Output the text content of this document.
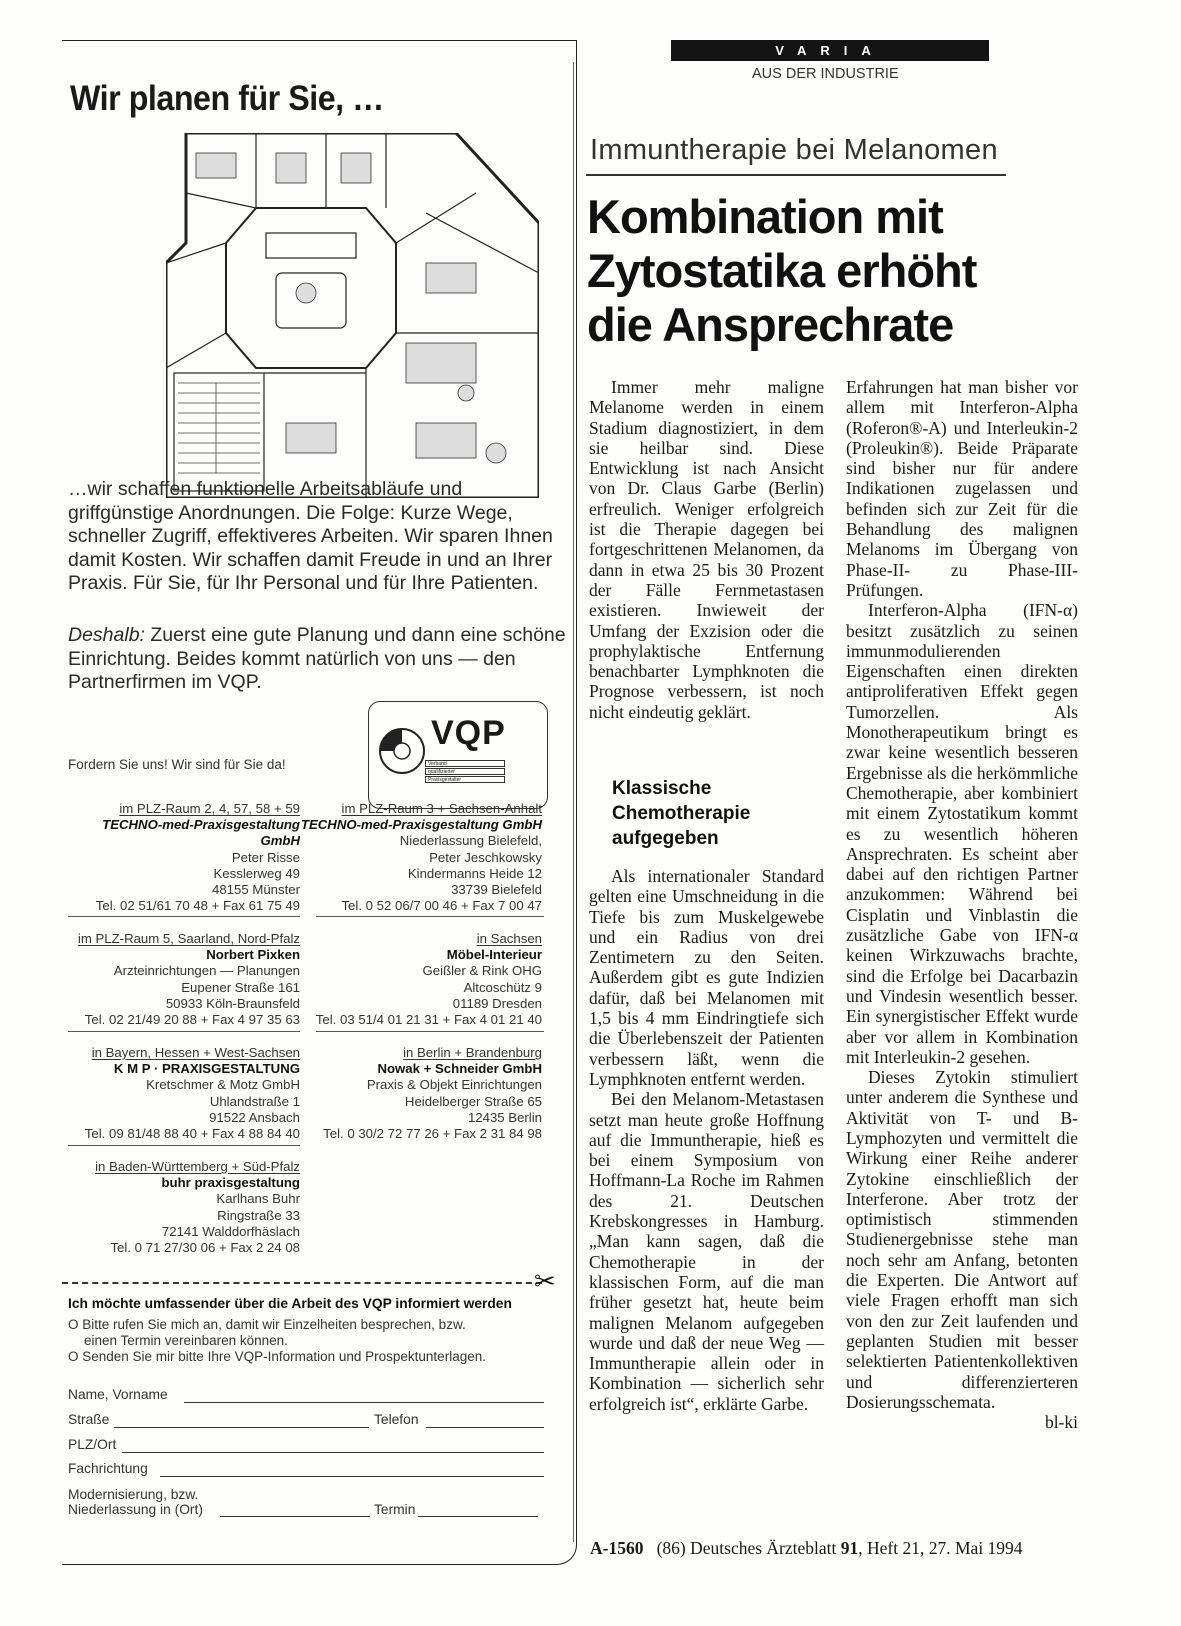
Wir planen für Sie, …

…wir schaffen funktionelle Arbeitsabläufe und griffgünstige Anordnungen. Die Folge: Kurze Wege, schneller Zugriff, effektiveres Arbeiten. Wir sparen Ihnen damit Kosten. Wir schaffen damit Freude in und an Ihrer Praxis. Für Sie, für Ihr Personal und für Ihre Patienten.

Deshalb: Zuerst eine gute Planung und dann eine schöne Einrichtung. Beides kommt natürlich von uns — den Partnerfirmen im VQP.

VQP
Verband
qualifizierter
Praxisgestalter
Fordern Sie uns! Wir sind für Sie da!
im PLZ-Raum 2, 4, 57, 58 + 59
TECHNO-med-Praxisgestaltung GmbH
Peter Risse
Kesslerweg 49
48155 Münster
Tel. 02 51/61 70 48 + Fax 61 75 49
im PLZ-Raum 3 + Sachsen-Anhalt
TECHNO-med-Praxisgestaltung GmbH
Niederlassung Bielefeld,
Peter Jeschkowsky
Kindermanns Heide 12
33739 Bielefeld
Tel. 0 52 06/7 00 46 + Fax 7 00 47
im PLZ-Raum 5, Saarland, Nord-Pfalz
Norbert Pixken
Arzteinrichtungen — Planungen
Eupener Straße 161
50933 Köln-Braunsfeld
Tel. 02 21/49 20 88 + Fax 4 97 35 63
in Sachsen
Möbel-Interieur
Geißler & Rink OHG
Altcoschütz 9
01189 Dresden
Tel. 03 51/4 01 21 31 + Fax 4 01 21 40
in Bayern, Hessen + West-Sachsen
K M P · PRAXISGESTALTUNG
Kretschmer & Motz GmbH
Uhlandstraße 1
91522 Ansbach
Tel. 09 81/48 88 40 + Fax 4 88 84 40
in Berlin + Brandenburg
Nowak + Schneider GmbH
Praxis & Objekt Einrichtungen
Heidelberger Straße 65
12435 Berlin
Tel. 0 30/2 72 77 26 + Fax 2 31 84 98
in Baden-Württemberg + Süd-Pfalz
buhr praxisgestaltung
Karlhans Buhr
Ringstraße 33
72141 Walddorfhäslach
Tel. 0 71 27/30 06 + Fax 2 24 08
✂
Ich möchte umfassender über die Arbeit des VQP informiert werden
O Bitte rufen Sie mich an, damit wir Einzelheiten besprechen, bzw.
einen Termin vereinbaren können.
O Senden Sie mir bitte Ihre VQP-Information und Prospektunterlagen.
Name, Vorname
Straße	Telefon
PLZ/Ort
Fachrichtung
Modernisierung, bzw.
Niederlassung in (Ort)	Termin
VARIA
AUS DER INDUSTRIE
Immuntherapie bei Melanomen
Kombination mit
Zytostatika erhöht
die Ansprechrate

Immer mehr maligne Melanome werden in einem Stadium diagnostiziert, in dem sie heilbar sind. Diese Entwicklung ist nach Ansicht von Dr. Claus Garbe (Berlin) erfreulich. Weniger erfolgreich ist die Therapie dagegen bei fortgeschrittenen Melanomen, da dann in etwa 25 bis 30 Prozent der Fälle Fernmetastasen existieren. Inwieweit der Umfang der Exzision oder die prophylaktische Entfernung benachbarter Lymphknoten die Prognose verbessern, ist noch nicht eindeutig geklärt.

Klassische
Chemotherapie
aufgegeben

Als internationaler Standard gelten eine Umschneidung in die Tiefe bis zum Muskelgewebe und ein Radius von drei Zentimetern zu den Seiten. Außerdem gibt es gute Indizien dafür, daß bei Melanomen mit 1,5 bis 4 mm Eindringtiefe sich die Überlebenszeit der Patienten verbessern läßt, wenn die Lymphknoten entfernt werden.

Bei den Melanom-Metastasen setzt man heute große Hoffnung auf die Immuntherapie, hieß es bei einem Symposium von Hoffmann-La Roche im Rahmen des 21. Deutschen Krebskongresses in Hamburg. „Man kann sagen, daß die Chemotherapie in der klassischen Form, auf die man früher gesetzt hat, heute beim malignen Melanom aufgegeben wurde und daß der neue Weg — Immuntherapie allein oder in Kombination — sicherlich sehr erfolgreich ist“, erklärte Garbe.

Erfahrungen hat man bisher vor allem mit Interferon-Alpha (Roferon®-A) und Interleukin-2 (Proleukin®). Beide Präparate sind bisher nur für andere Indikationen zugelassen und befinden sich zur Zeit für die Behandlung des malignen Melanoms im Übergang von Phase-II- zu Phase-III-Prüfungen.

Interferon-Alpha (IFN-α) besitzt zusätzlich zu seinen immunmodulierenden Eigenschaften einen direkten antiproliferativen Effekt gegen Tumorzellen. Als Monotherapeutikum bringt es zwar keine wesentlich besseren Ergebnisse als die herkömmliche Chemotherapie, aber kombiniert mit einem Zytostatikum kommt es zu wesentlich höheren Ansprechraten. Es scheint aber dabei auf den richtigen Partner anzukommen: Während bei Cisplatin und Vinblastin die zusätzliche Gabe von IFN-α keinen Wirkzuwachs brachte, sind die Erfolge bei Dacarbazin und Vindesin wesentlich besser. Ein synergistischer Effekt wurde aber vor allem in Kombination mit Interleukin-2 gesehen.

Dieses Zytokin stimuliert unter anderem die Synthese und Aktivität von T- und B-Lymphozyten und vermittelt die Wirkung einer Reihe anderer Zytokine einschließlich der Interferone. Aber trotz der optimistisch stimmenden Studienergebnisse stehe man noch sehr am Anfang, betonten die Experten. Die Antwort auf viele Fragen erhofft man sich von den zur Zeit laufenden und geplanten Studien mit besser selektierten Patientenkollektiven und differenzierteren Dosierungsschemata.

bl-ki
A-1560 (86) Deutsches Ärzteblatt 91, Heft 21, 27. Mai 1994
